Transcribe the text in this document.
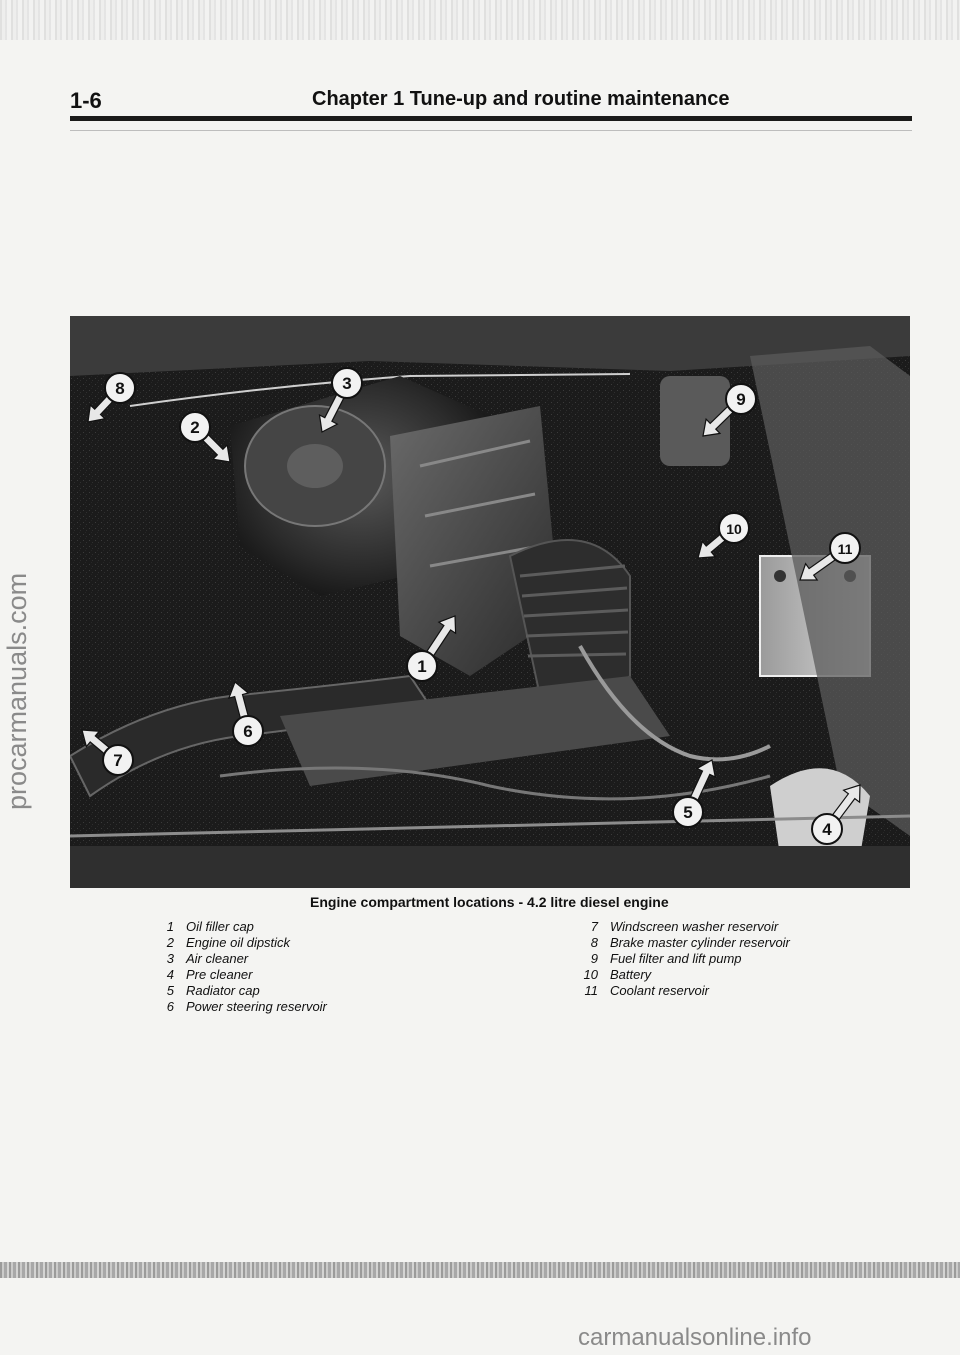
1-6	Chapter 1 Tune-up and routine maintenance
procarmanuals.com	1
2
3
4
5
6
7
8
9
10
11
Engine compartment locations - 4.2 litre diesel engine
1 Oil filler cap
2 Engine oil dipstick
3 Air cleaner
4 Pre cleaner
5 Radiator cap
6 Power steering reservoir
7 Windscreen washer reservoir
8 Brake master cylinder reservoir
9 Fuel filter and lift pump
10 Battery
11 Coolant reservoir
carmanualsonline.info
